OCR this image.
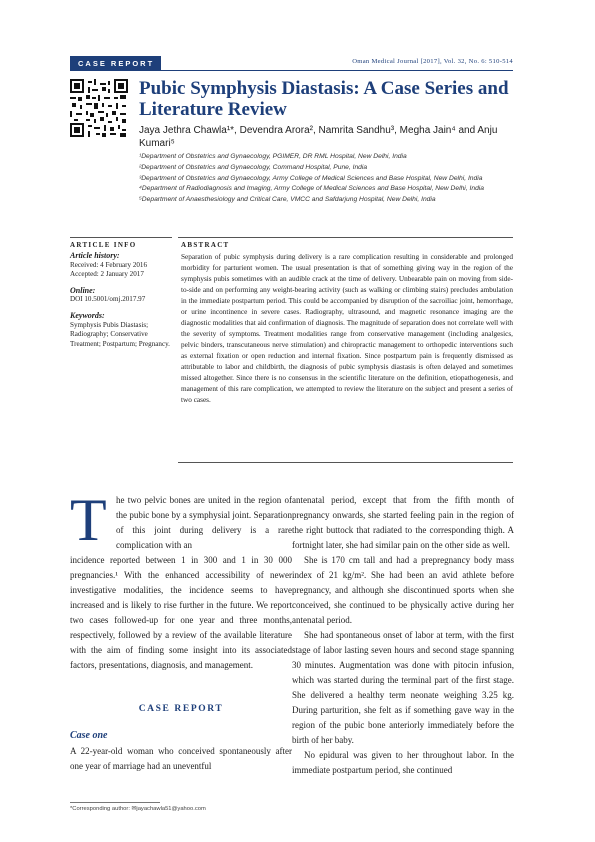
CASE REPORT	Oman Medical Journal [2017], Vol. 32, No. 6: 510-514
Pubic Symphysis Diastasis: A Case Series and Literature Review
Jaya Jethra Chawla¹*, Devendra Arora², Namrita Sandhu³, Megha Jain⁴ and Anju Kumari⁵
¹Department of Obstetrics and Gynaecology, PGIMER, DR RML Hospital, New Delhi, India
²Department of Obstetrics and Gynaecology, Command Hospital, Pune, India
³Department of Obstetrics and Gynaecology, Army College of Medical Sciences and Base Hospital, New Delhi, India
⁴Department of Radiodiagnosis and Imaging, Army College of Medical Sciences and Base Hospital, New Delhi, India
⁵Department of Anaesthesiology and Critical Care, VMCC and Safdarjung Hospital, New Delhi, India
ARTICLE INFO	ABSTRACT
Article history:
Received: 4 February 2016
Accepted: 2 January 2017
Online:
DOI 10.5001/omj.2017.97
Keywords:
Symphysis Pubis Diastasis; Radiography; Conservative Treatment; Postpartum; Pregnancy.
Separation of pubic symphysis during delivery is a rare complication resulting in considerable and prolonged morbidity for parturient women. The usual presentation is that of something giving way in the region of the symphysis pubis sometimes with an audible crack at the time of delivery. Unbearable pain on moving from side-to-side and on performing any weight-bearing activity (such as walking or climbing stairs) precludes ambulation in the immediate postpartum period. This could be accompanied by disruption of the sacroiliac joint, hemorrhage, or urine incontinence in severe cases. Radiography, ultrasound, and magnetic resonance imaging are the diagnostic modalities that aid confirmation of diagnosis. The magnitude of separation does not correlate well with the severity of symptoms. Treatment modalities range from conservative management (including analgesics, pelvic binders, transcutaneous nerve stimulation) and chiropractic management to orthopedic interventions such as external fixation or open reduction and internal fixation. Since postpartum pain is frequently dismissed as attributable to labor and childbirth, the diagnosis of pubic symphysis diastasis is often delayed and sometimes missed altogether. Since there is no consensus in the scientific literature on the definition, etiopathogenesis, and management of this rare complication, we attempted to review the literature on the subject and present a series of two cases.
T he two pelvic bones are united in the region of the pubic bone by a symphysial joint. Separation of this joint during delivery is a rare complication with an

incidence reported between 1 in 300 and 1 in 30 000 pregnancies.¹ With the enhanced accessibility of newer investigative modalities, the incidence seems to have increased and is likely to rise further in the future. We report two cases followed-up for one year and three months, respectively, followed by a review of the available literature with the aim of finding some insight into its associated factors, presentations, diagnosis, and management.

CASE REPORT
Case one

A 22-year-old woman who conceived spontaneously after one year of marriage had an uneventful

antenatal period, except that from the fifth month of pregnancy onwards, she started feeling pain in the region of the right buttock that radiated to the corresponding thigh. A fortnight later, she had similar pain on the other side as well.

She is 170 cm tall and had a prepregnancy body mass index of 21 kg/m². She had been an avid athlete before pregnancy, and although she discontinued sports when she conceived, she continued to be physically active during her antenatal period.

She had spontaneous onset of labor at term, with the first stage of labor lasting seven hours and second stage spanning 30 minutes. Augmentation was done with pitocin infusion, which was started during the terminal part of the first stage. She delivered a healthy term neonate weighing 3.25 kg. During parturition, she felt as if something gave way in the region of the pubic bone anteriorly immediately before the birth of her baby.

No epidural was given to her throughout labor. In the immediate postpartum period, she continued

*Corresponding author: ✉jayachawla51@yahoo.com
